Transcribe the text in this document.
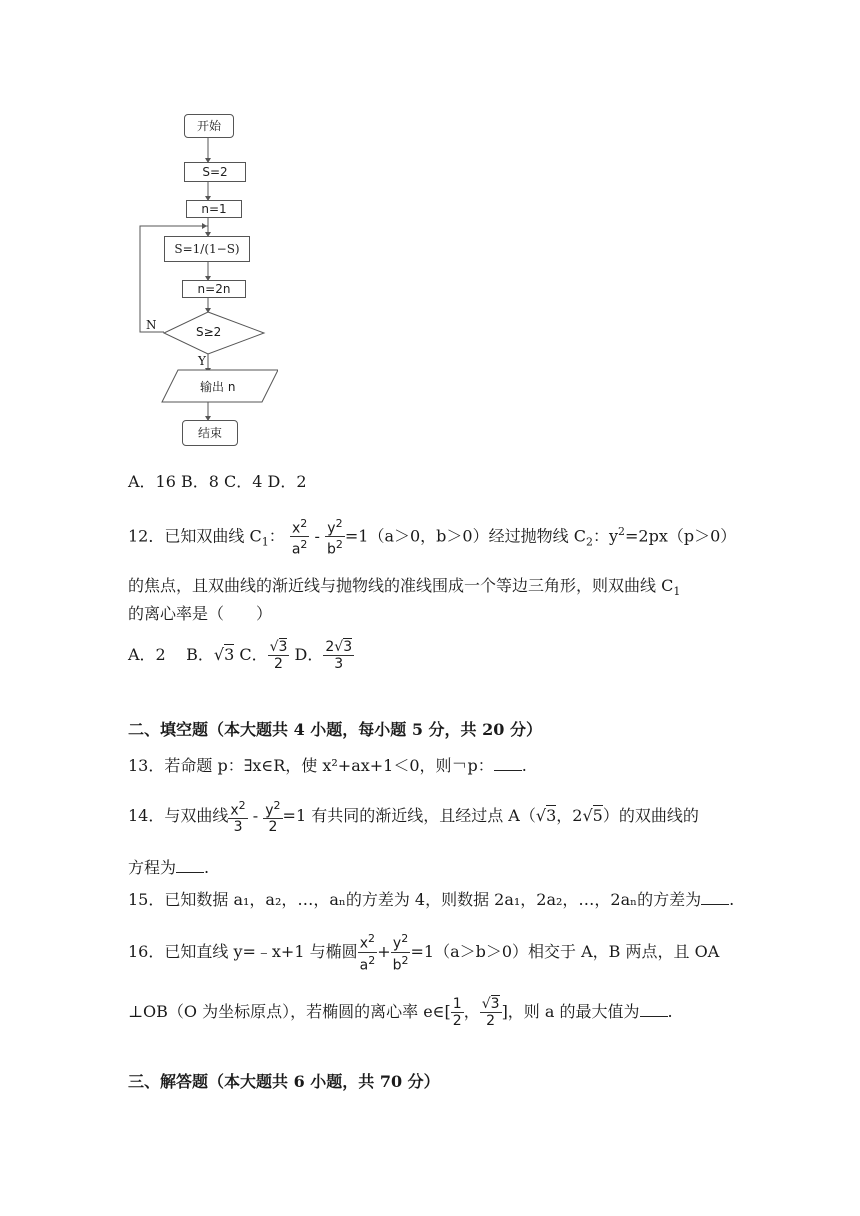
开始
S=2
n=1
S=1/(1−S)
n=2n
S≥2
N
Y
输出 n
结束
A．16 B．8 C．4 D．2
12．已知双曲线 $C_1$： $\frac{x^2}{a^2} - \frac{y^2}{b^2} =1(a>0$，b＞0）经过抛物线 $C_2$：$y^2=2px(p>0)$
的焦点，且双曲线的渐近线与抛物线的准线围成一个等边三角形，则双曲线 $C_1$
的离心率是（　　）
A．2 B．√3 C． $\frac{√3}{2}$ D． $\frac{2√3}{3}$
二、填空题（本大题共 4 小题，每小题 5 分，共 20 分）
13．若命题 p：∃x∈R，使 x²+ax+1＜0，则￢p： .
14．与双曲线 $\frac{x^2}{3} - \frac{y^2}{2} =1$ 有共同的渐近线，且经过点 A（√3，2√5）的双曲线的
方程为 .
15．已知数据 a₁，a₂，…，aₙ的方差为 4，则数据 2a₁，2a₂，…，2aₙ的方差为 .
16．已知直线 y=﹣x+1 与椭圆 $\frac{x^2}{a^2} + \frac{y^2}{b^2} =1(a>b>0)$相交于 A，B 两点，且 OA
⊥OB（O 为坐标原点），若椭圆的离心率 e∈[ $\frac{1}{2}$ ， $\frac{√3}{2}$ ]，则 a 的最大值为 .
三、解答题（本大题共 6 小题，共 70 分）
